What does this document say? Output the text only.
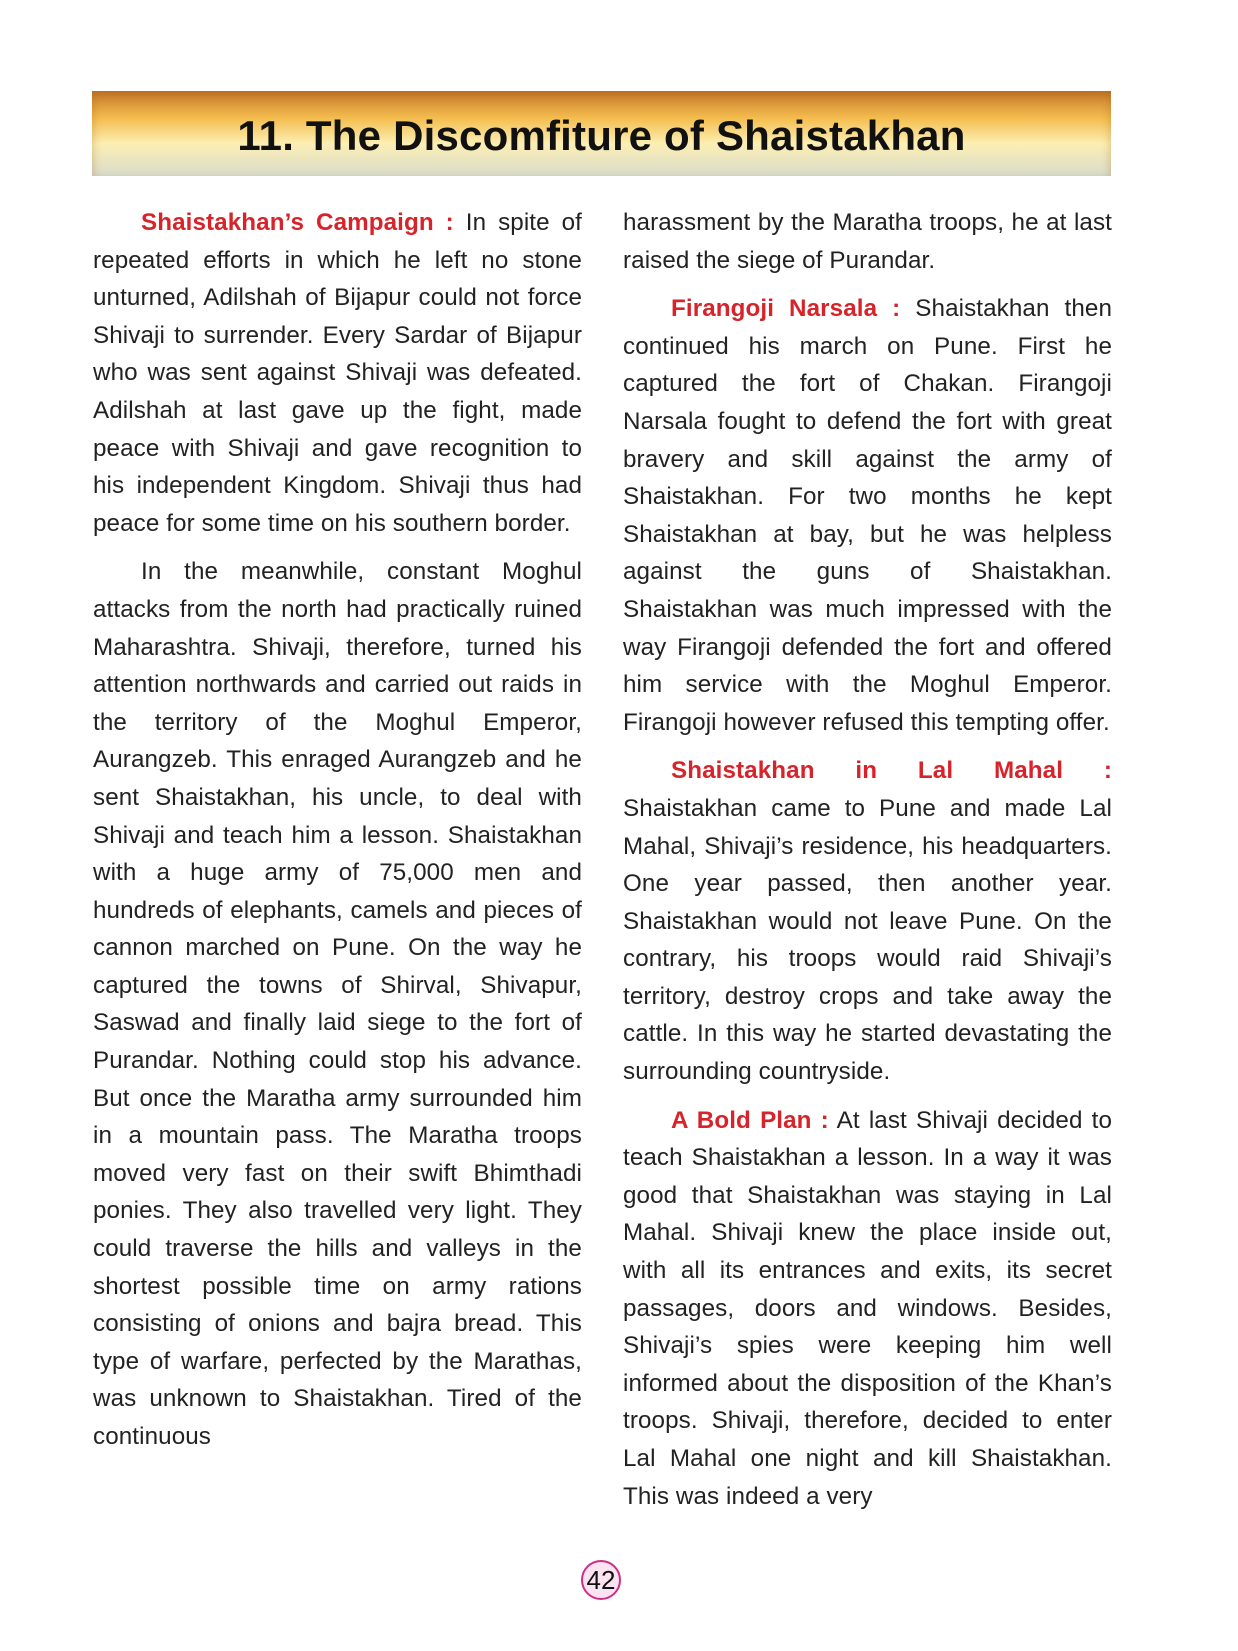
11. The Discomfiture of Shaistakhan

Shaistakhan’s Campaign : In spite of repeated efforts in which he left no stone unturned, Adilshah of Bijapur could not force Shivaji to surrender. Every Sardar of Bijapur who was sent against Shivaji was defeated. Adilshah at last gave up the fight, made peace with Shivaji and gave recognition to his independent Kingdom. Shivaji thus had peace for some time on his southern border.

In the meanwhile, constant Moghul attacks from the north had practically ruined Maharashtra. Shivaji, therefore, turned his attention northwards and carried out raids in the territory of the Moghul Emperor, Aurangzeb. This enraged Aurangzeb and he sent Shaistakhan, his uncle, to deal with Shivaji and teach him a lesson. Shaistakhan with a huge army of 75,000 men and hundreds of elephants, camels and pieces of cannon marched on Pune. On the way he captured the towns of Shirval, Shivapur, Saswad and finally laid siege to the fort of Purandar. Nothing could stop his advance. But once the Maratha army surrounded him in a mountain pass. The Maratha troops moved very fast on their swift Bhimthadi ponies. They also travelled very light. They could traverse the hills and valleys in the shortest possible time on army rations consisting of onions and bajra bread. This type of warfare, perfected by the Marathas, was unknown to Shaistakhan. Tired of the continuous

harassment by the Maratha troops, he at last raised the siege of Purandar.

Firangoji Narsala : Shaistakhan then continued his march on Pune. First he captured the fort of Chakan. Firangoji Narsala fought to defend the fort with great bravery and skill against the army of Shaistakhan. For two months he kept Shaistakhan at bay, but he was helpless against the guns of Shaistakhan. Shaistakhan was much impressed with the way Firangoji defended the fort and offered him service with the Moghul Emperor. Firangoji however refused this tempting offer.

Shaistakhan in Lal Mahal : Shaistakhan came to Pune and made Lal Mahal, Shivaji’s residence, his headquarters. One year passed, then another year. Shaistakhan would not leave Pune. On the contrary, his troops would raid Shivaji’s territory, destroy crops and take away the cattle. In this way he started devastating the surrounding countryside.

A Bold Plan : At last Shivaji decided to teach Shaistakhan a lesson. In a way it was good that Shaistakhan was staying in Lal Mahal. Shivaji knew the place inside out, with all its entrances and exits, its secret passages, doors and windows. Besides, Shivaji’s spies were keeping him well informed about the disposition of the Khan’s troops. Shivaji, therefore, decided to enter Lal Mahal one night and kill Shaistakhan. This was indeed a very

42
